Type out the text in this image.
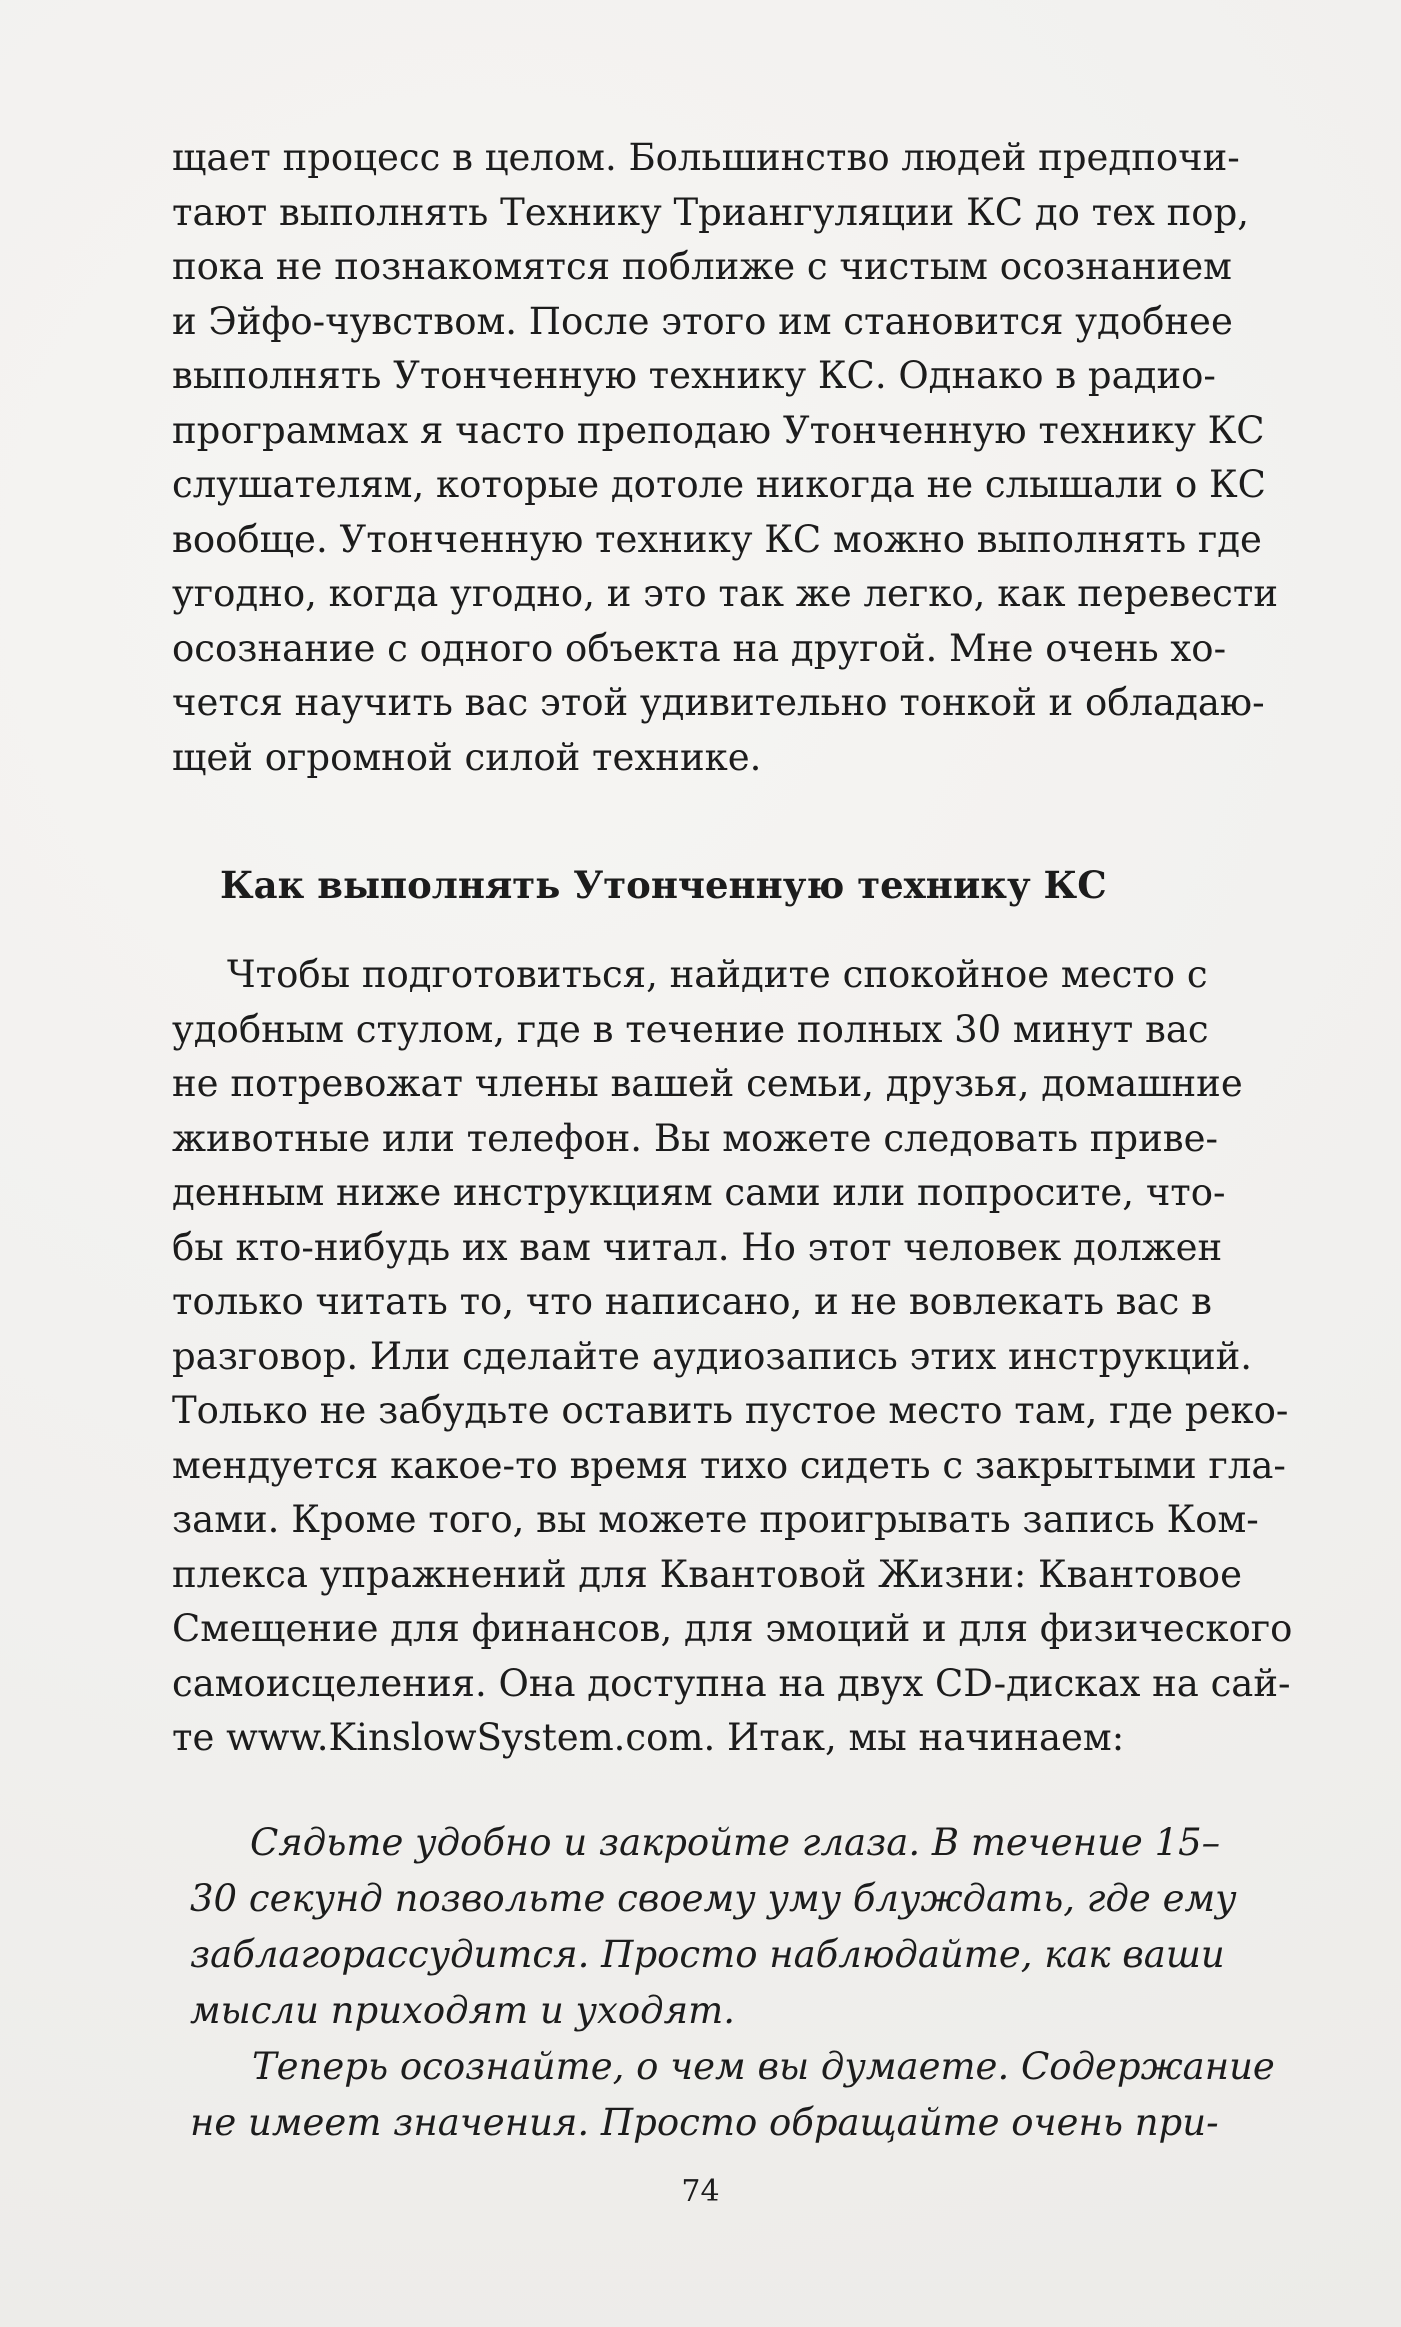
щает процесс в целом. Большинство людей предпочи-
тают выполнять Технику Триангуляции КС до тех пор,
пока не познакомятся поближе с чистым осознанием
и Эйфо-чувством. После этого им становится удобнее
выполнять Утонченную технику КС. Однако в радио-
программах я часто преподаю Утонченную технику КС
слушателям, которые дотоле никогда не слышали о КС
вообще. Утонченную технику КС можно выполнять где
угодно, когда угодно, и это так же легко, как перевести
осознание с одного объекта на другой. Мне очень хо-
чется научить вас этой удивительно тонкой и обладаю-
щей огромной силой технике.
Как выполнять Утонченную технику КС
Чтобы подготовиться, найдите спокойное место с
удобным стулом, где в течение полных 30 минут вас
не потревожат члены вашей семьи, друзья, домашние
животные или телефон. Вы можете следовать приве-
денным ниже инструкциям сами или попросите, что-
бы кто-нибудь их вам читал. Но этот человек должен
только читать то, что написано, и не вовлекать вас в
разговор. Или сделайте аудиозапись этих инструкций.
Только не забудьте оставить пустое место там, где реко-
мендуется какое-то время тихо сидеть с закрытыми гла-
зами. Кроме того, вы можете проигрывать запись Ком-
плекса упражнений для Квантовой Жизни: Квантовое
Смещение для финансов, для эмоций и для физического
самоисцеления. Она доступна на двух CD-дисках на сай-
те www.KinslowSystem.com. Итак, мы начинаем:
Сядьте удобно и закройте глаза. В течение 15–
30 секунд позвольте своему уму блуждать, где ему
заблагорассудится. Просто наблюдайте, как ваши
мысли приходят и уходят.
Теперь осознайте, о чем вы думаете. Содержание
не имеет значения. Просто обращайте очень при-
74
